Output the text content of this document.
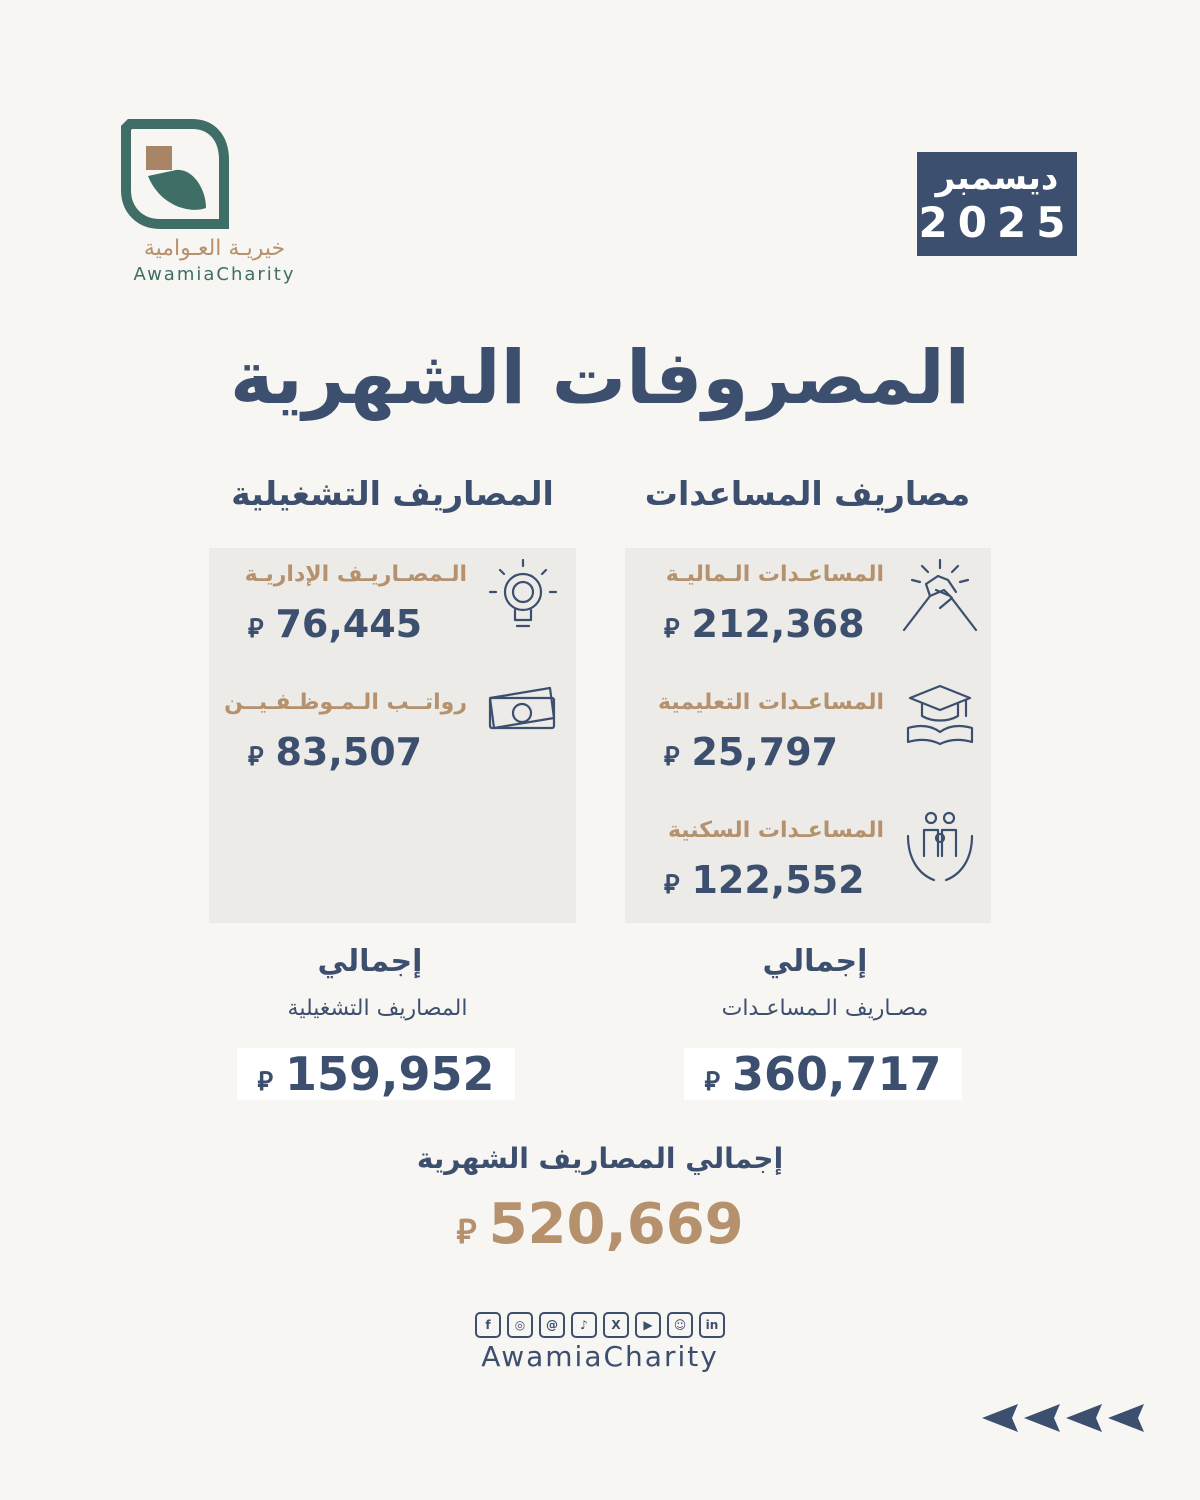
خيريـة العـوامية
AwamiaCharity
ديسمبر
2025
المصروفات الشهرية
مصاريف المساعدات
المصاريف التشغيلية
المساعـدات الـماليـة
⃁ 212,368
المساعـدات التعليمية
⃁ 25,797
المساعـدات السكنية
⃁ 122,552
الـمصـاريـف الإداريـة
⃁ 76,445
رواتــب الـمـوظـفـيــن
⃁ 83,507
إجمالي
مصـاريف الـمساعـدات
⃁ 360,717
إجمالي
المصاريف التشغيلية
⃁ 159,952
إجمالي المصاريف الشهرية
⃁ 520,669
f	◎	@	♪	X	▶	☺	in
AwamiaCharity
